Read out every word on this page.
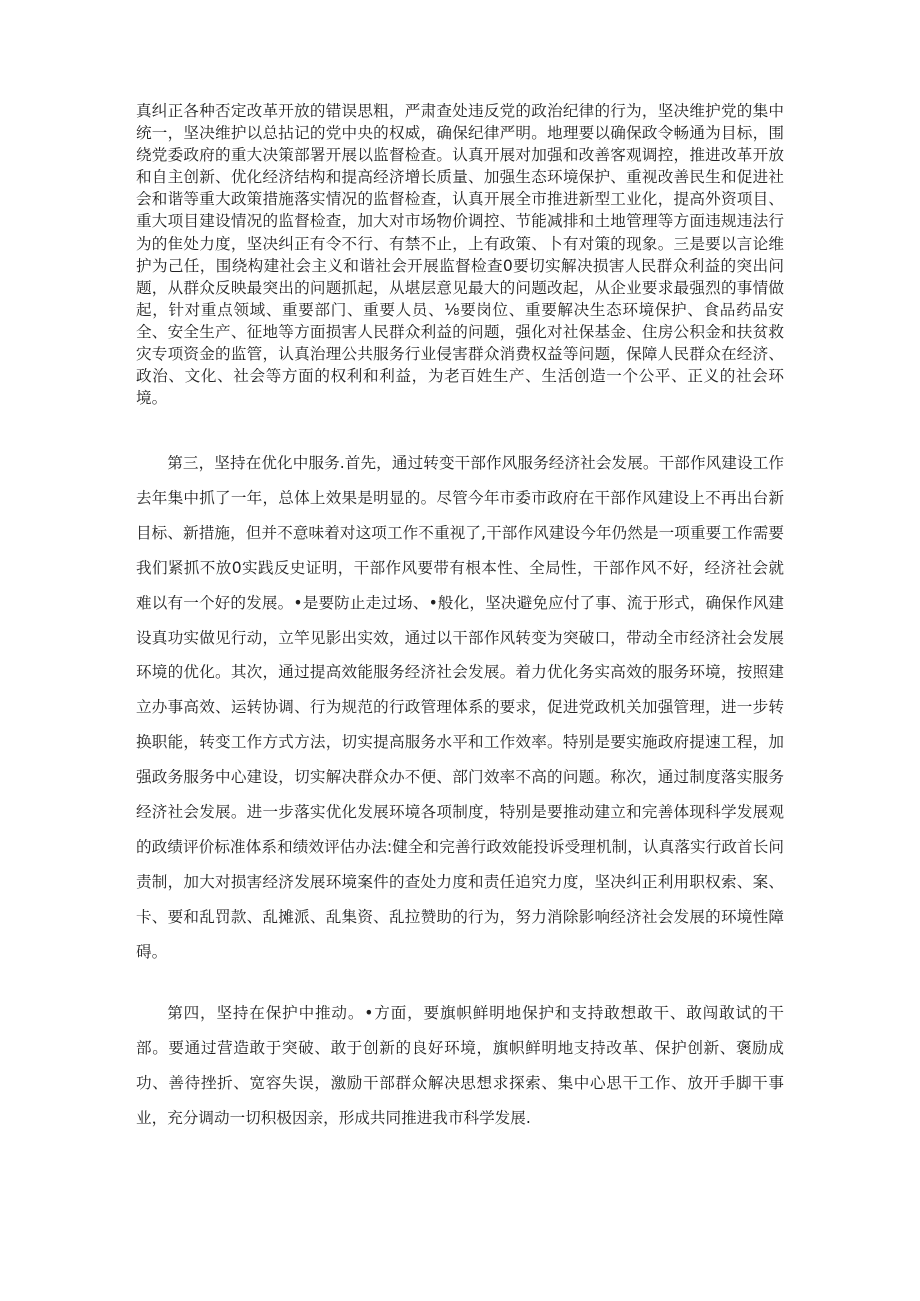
真纠正各种否定改革开放的错误思粗，严肃查处违反党的政治纪律的行为，坚决维护党的集中统一，坚决维护以总拈记的党中央的权威，确保纪律严明。地理要以确保政令畅通为目标，围绕党委政府的重大决策部署开展以监督检查。认真开展对加强和改善客观调控，推进改革开放和自主创新、优化经济结构和提高经济增长质量、加强生态环境保护、重视改善民生和促进社会和谐等重大政策措施落实情况的监督检查，认真开展全市推进新型工业化，提高外资项目、重大项目建设情况的监督检查，加大对市场物价调控、节能减排和土地管理等方面违规违法行为的隹处力度，坚决纠正有令不行、有禁不止，上有政策、卜有对策的现象。三是要以言论维护为己任，围绕构建社会主义和谐社会开展监督检查0要切实解决损害人民群众利益的突出问题，从群众反映最突出的问题抓起，从堪层意见最大的问题改起，从企业要求最强烈的事情做起，针对重点领域、重要部门、重要人员、⅛要岗位、重要解决生态环境保护、食品药品安全、安全生产、征地等方面损害人民群众利益的问题，强化对社保基金、住房公积金和扶贫救灾专项资金的监管，认真治理公共服务行业侵害群众消费权益等问题，保障人民群众在经济、政治、文化、社会等方面的权利和利益，为老百姓生产、生活创造一个公平、正义的社会环境。

第三，坚持在优化中服务.首先，通过转变干部作风服务经济社会发展。干部作风建设工作去年集中抓了一年，总体上效果是明显的。尽管今年市委市政府在干部作风建设上不再出台新目标、新措施，但并不意味着对这项工作不重视了,干部作风建设今年仍然是一项重要工作需要我们紧抓不放0实践反史证明，干部作风要带有根本性、全局性，干部作风不好，经济社会就难以有一个好的发展。•是要防止走过场、•般化，坚决避免应付了事、流于形式，确保作风建设真功实做见行动，立竿见影出实效，通过以干部作风转变为突破口，带动全市经济社会发展环境的优化。其次，通过提高效能服务经济社会发展。着力优化务实高效的服务环境，按照建立办事高效、运转协调、行为规范的行政管理体系的要求，促进党政机关加强管理，进一步转换职能，转变工作方式方法，切实提高服务水平和工作效率。特别是要实施政府提速工程，加强政务服务中心建设，切实解决群众办不便、部门效率不高的问题。称次，通过制度落实服务经济社会发展。进一步落实优化发展环境各项制度，特别是要推动建立和完善体现科学发展观的政绩评价标准体系和绩效评估办法:健全和完善行政效能投诉受理机制，认真落实行政首长问责制，加大对损害经济发展环境案件的查处力度和责任追究力度，坚决纠正利用职权索、案、卡、要和乱罚款、乱摊派、乱集资、乱拉赞助的行为，努力消除影响经济社会发展的环境性障碍。

第四，坚持在保护中推动。•方面，要旗帜鲜明地保护和支持敢想敢干、敢闯敢试的干部。要通过营造敢于突破、敢于创新的良好环境，旗帜鲜明地支持改革、保护创新、褒励成功、善待挫折、宽容失误，激励干部群众解决思想求探索、集中心思干工作、放开手脚干事业，充分调动一切积极因亲，形成共同推进我市科学发展.
